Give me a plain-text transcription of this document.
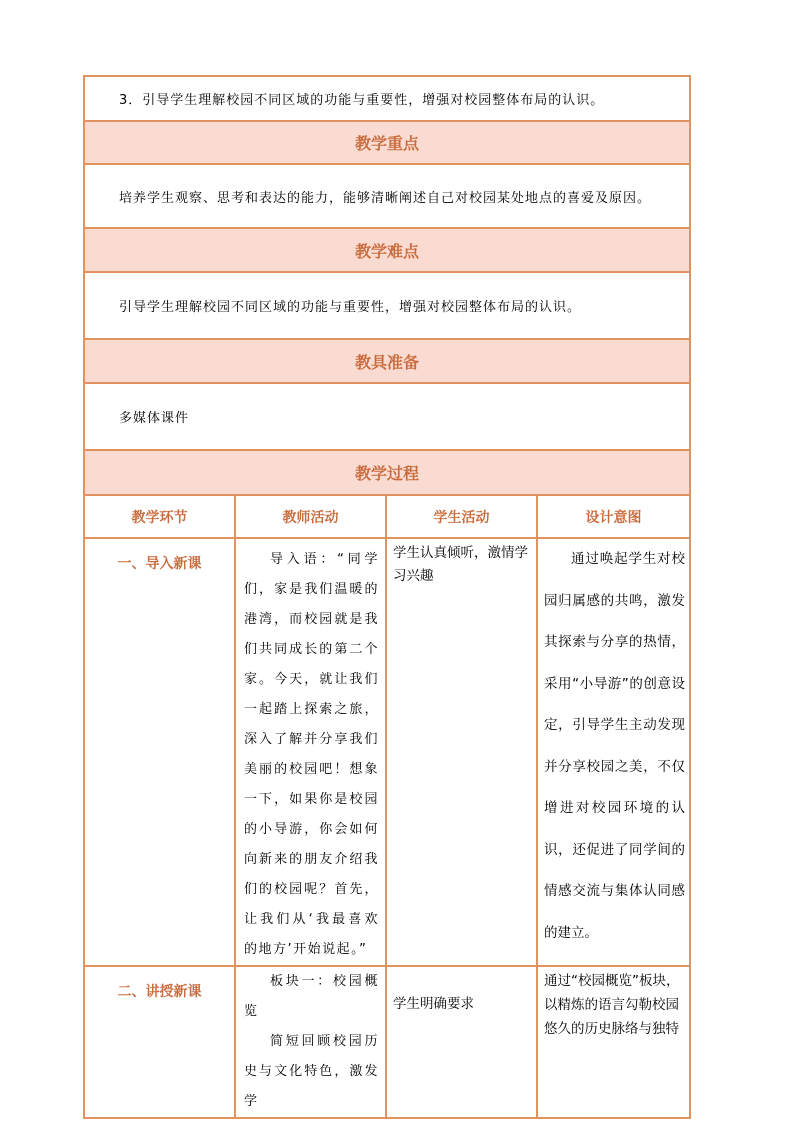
3．引导学生理解校园不同区域的功能与重要性，增强对校园整体布局的认识。			

教学重点			

培养学生观察、思考和表达的能力，能够清晰阐述自己对校园某处地点的喜爱及原因。			

教学难点			

引导学生理解校园不同区域的功能与重要性，增强对校园整体布局的认识。			

教具准备			

多媒体课件			

教学过程			
教学环节	教师活动	学生活动	设计意图

一、导入新课	导入语：“同学们，家是我们温暖的港湾，而校园就是我们共同成长的第二个家。今天，就让我们一起踏上探索之旅，深入了解并分享我们美丽的校园吧！想象一下，如果你是校园的小导游，你会如何向新来的朋友介绍我们的校园呢？首先，让我们从‘我最喜欢的地方’开始说起。”	学生认真倾听，激情学习兴趣	通过唤起学生对校园归属感的共鸣，激发其探索与分享的热情，采用“小导游”的创意设定，引导学生主动发现并分享校园之美，不仅增进对校园环境的认识，还促进了同学间的情感交流与集体认同感的建立。

二、讲授新课	板块一：校园概览
简短回顾校园历史与文化特色，激发学	学生明确要求	通过“校园概览”板块，以精炼的语言勾勒校园悠久的历史脉络与独特
